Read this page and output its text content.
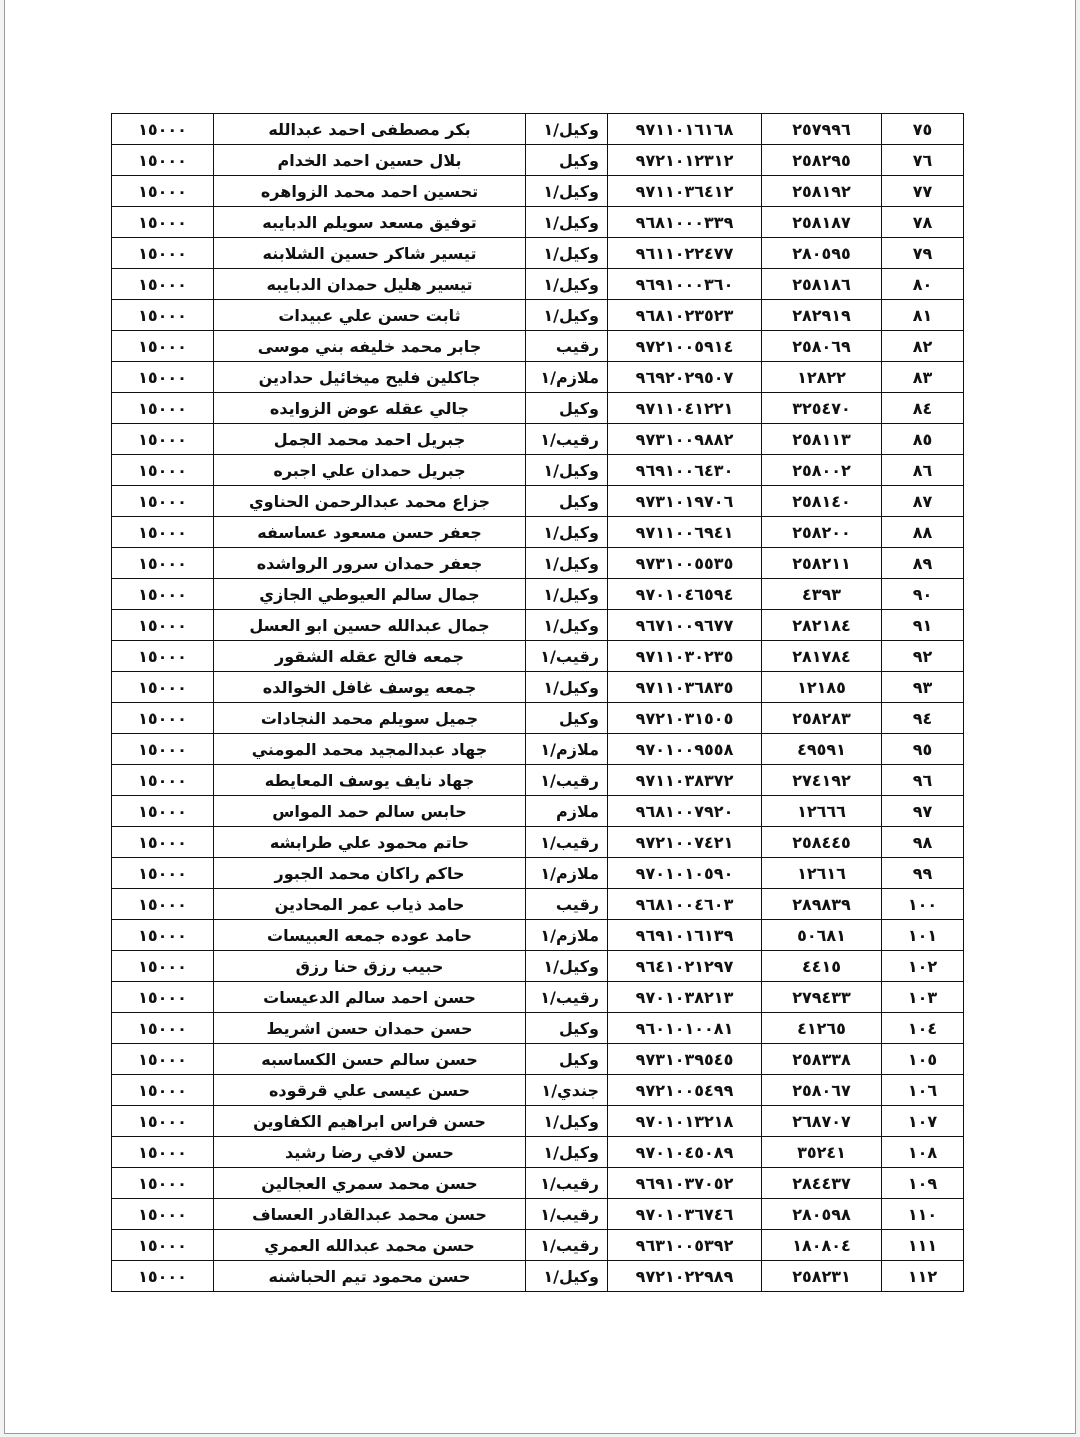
١٥٠٠٠	بكر مصطفى احمد عبدالله	وكيل/١	٩٧١١٠١٦١٦٨	٢٥٧٩٩٦	٧٥
١٥٠٠٠	بلال حسين احمد الخدام	وكيل	٩٧٢١٠١٢٣١٢	٢٥٨٢٩٥	٧٦
١٥٠٠٠	تحسين احمد محمد الزواهره	وكيل/١	٩٧١١٠٣٦٤١٢	٢٥٨١٩٢	٧٧
١٥٠٠٠	توفيق مسعد سويلم الدبايبه	وكيل/١	٩٦٨١٠٠٠٣٣٩	٢٥٨١٨٧	٧٨
١٥٠٠٠	تيسير شاكر حسين الشلابنه	وكيل/١	٩٦١١٠٢٢٤٧٧	٢٨٠٥٩٥	٧٩
١٥٠٠٠	تيسير هليل حمدان الدبايبه	وكيل/١	٩٦٩١٠٠٠٣٦٠	٢٥٨١٨٦	٨٠
١٥٠٠٠	ثابت حسن علي عبيدات	وكيل/١	٩٦٨١٠٢٣٥٢٣	٢٨٢٩١٩	٨١
١٥٠٠٠	جابر محمد خليفه بني موسى	رقيب	٩٧٢١٠٠٥٩١٤	٢٥٨٠٦٩	٨٢
١٥٠٠٠	جاكلين فليح ميخائيل حدادين	ملازم/١	٩٦٩٢٠٢٩٥٠٧	١٢٨٢٢	٨٣
١٥٠٠٠	جالي عقله عوض الزوايده	وكيل	٩٧١١٠٤١٢٢١	٣٢٥٤٧٠	٨٤
١٥٠٠٠	جبريل احمد محمد الجمل	رقيب/١	٩٧٣١٠٠٩٨٨٢	٢٥٨١١٣	٨٥
١٥٠٠٠	جبريل حمدان علي اجبره	وكيل/١	٩٦٩١٠٠٦٤٣٠	٢٥٨٠٠٢	٨٦
١٥٠٠٠	جزاع محمد عبدالرحمن الحناوي	وكيل	٩٧٣١٠١٩٧٠٦	٢٥٨١٤٠	٨٧
١٥٠٠٠	جعفر حسن مسعود عساسفه	وكيل/١	٩٧١١٠٠٦٩٤١	٢٥٨٢٠٠	٨٨
١٥٠٠٠	جعفر حمدان سرور الرواشده	وكيل/١	٩٧٣١٠٠٥٥٣٥	٢٥٨٢١١	٨٩
١٥٠٠٠	جمال سالم العيوطي الجازي	وكيل/١	٩٧٠١٠٤٦٥٩٤	٤٣٩٣	٩٠
١٥٠٠٠	جمال عبدالله حسين ابو العسل	وكيل/١	٩٦٧١٠٠٩٦٧٧	٢٨٢١٨٤	٩١
١٥٠٠٠	جمعه فالح عقله الشقور	رقيب/١	٩٧١١٠٣٠٢٣٥	٢٨١٧٨٤	٩٢
١٥٠٠٠	جمعه يوسف غافل الخوالده	وكيل/١	٩٧١١٠٣٦٨٣٥	١٢١٨٥	٩٣
١٥٠٠٠	جميل سويلم محمد النجادات	وكيل	٩٧٢١٠٣١٥٠٥	٢٥٨٢٨٣	٩٤
١٥٠٠٠	جهاد عبدالمجيد محمد المومني	ملازم/١	٩٧٠١٠٠٩٥٥٨	٤٩٥٩١	٩٥
١٥٠٠٠	جهاد نايف يوسف المعايطه	رقيب/١	٩٧١١٠٣٨٣٧٢	٢٧٤١٩٢	٩٦
١٥٠٠٠	حابس سالم حمد المواس	ملازم	٩٦٨١٠٠٧٩٢٠	١٢٦٦٦	٩٧
١٥٠٠٠	حاتم محمود علي طرابشه	رقيب/١	٩٧٢١٠٠٧٤٢١	٢٥٨٤٤٥	٩٨
١٥٠٠٠	حاكم راكان محمد الجبور	ملازم/١	٩٧٠١٠١٠٥٩٠	١٢٦١٦	٩٩
١٥٠٠٠	حامد ذياب عمر المحادين	رقيب	٩٦٨١٠٠٤٦٠٣	٢٨٩٨٣٩	١٠٠
١٥٠٠٠	حامد عوده جمعه العبيسات	ملازم/١	٩٦٩١٠١٦١٣٩	٥٠٦٨١	١٠١
١٥٠٠٠	حبيب رزق حنا رزق	وكيل/١	٩٦٤١٠٢١٢٩٧	٤٤١٥	١٠٢
١٥٠٠٠	حسن احمد سالم الدعيسات	رقيب/١	٩٧٠١٠٣٨٢١٣	٢٧٩٤٣٣	١٠٣
١٥٠٠٠	حسن حمدان حسن اشريط	وكيل	٩٦٠١٠١٠٠٨١	٤١٢٦٥	١٠٤
١٥٠٠٠	حسن سالم حسن الكساسبه	وكيل	٩٧٣١٠٣٩٥٤٥	٢٥٨٣٣٨	١٠٥
١٥٠٠٠	حسن عيسى علي قرقوده	جندي/١	٩٧٢١٠٠٥٤٩٩	٢٥٨٠٦٧	١٠٦
١٥٠٠٠	حسن فراس ابراهيم الكفاوين	وكيل/١	٩٧٠١٠١٣٢١٨	٢٦٨٧٠٧	١٠٧
١٥٠٠٠	حسن لافي رضا رشيد	وكيل/١	٩٧٠١٠٤٥٠٨٩	٣٥٢٤١	١٠٨
١٥٠٠٠	حسن محمد سمري العجالين	رقيب/١	٩٦٩١٠٣٧٠٥٢	٢٨٤٤٣٧	١٠٩
١٥٠٠٠	حسن محمد عبدالقادر العساف	رقيب/١	٩٧٠١٠٣٦٧٤٦	٢٨٠٥٩٨	١١٠
١٥٠٠٠	حسن محمد عبدالله العمري	رقيب/١	٩٦٣١٠٠٥٣٩٢	١٨٠٨٠٤	١١١
١٥٠٠٠	حسن محمود تيم الحباشنه	وكيل/١	٩٧٢١٠٢٢٩٨٩	٢٥٨٢٣١	١١٢
